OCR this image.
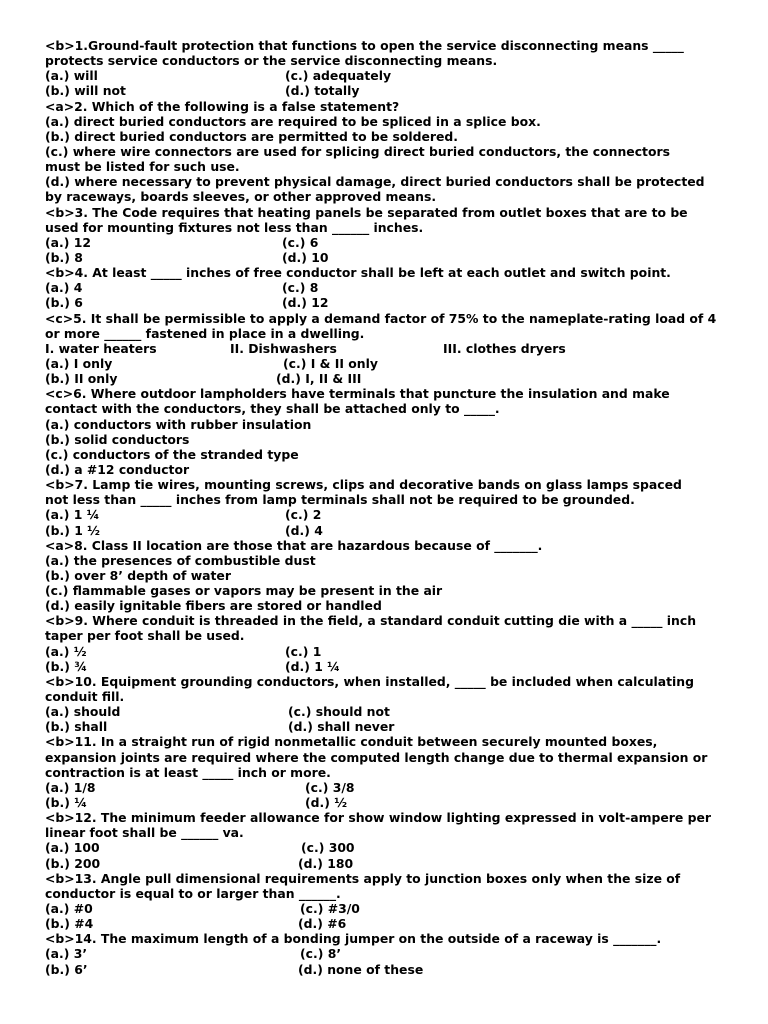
<b>1.Ground-fault protection that functions to open the service disconnecting means _____
protects service conductors or the service disconnecting means.
(a.) will	(c.) adequately
(b.) will not	(d.) totally
<a>2. Which of the following is a false statement?
(a.) direct buried conductors are required to be spliced in a splice box.
(b.) direct buried conductors are permitted to be soldered.
(c.) where wire connectors are used for splicing direct buried conductors, the connectors
must be listed for such use.
(d.) where necessary to prevent physical damage, direct buried conductors shall be protected
by raceways, boards sleeves, or other approved means.
<b>3. The Code requires that heating panels be separated from outlet boxes that are to be
used for mounting fixtures not less than ______ inches.
(a.) 12	(c.) 6
(b.) 8	(d.) 10
<b>4. At least _____ inches of free conductor shall be left at each outlet and switch point.
(a.) 4	(c.) 8
(b.) 6	(d.) 12
<c>5. It shall be permissible to apply a demand factor of 75% to the nameplate-rating load of 4
or more ______ fastened in place in a dwelling.
I. water heaters	II. Dishwashers	III. clothes dryers
(a.) I only	(c.) I & II only
(b.) II only	(d.) I, II & III
<c>6. Where outdoor lampholders have terminals that puncture the insulation and make
contact with the conductors, they shall be attached only to _____.
(a.) conductors with rubber insulation
(b.) solid conductors
(c.) conductors of the stranded type
(d.) a #12 conductor
<b>7. Lamp tie wires, mounting screws, clips and decorative bands on glass lamps spaced
not less than _____ inches from lamp terminals shall not be required to be grounded.
(a.) 1 ¼	(c.) 2
(b.) 1 ½	(d.) 4
<a>8. Class II location are those that are hazardous because of _______.
(a.) the presences of combustible dust
(b.) over 8’ depth of water
(c.) flammable gases or vapors may be present in the air
(d.) easily ignitable fibers are stored or handled
<b>9. Where conduit is threaded in the field, a standard conduit cutting die with a _____ inch
taper per foot shall be used.
(a.) ½	(c.) 1
(b.) ¾	(d.) 1 ¼
<b>10. Equipment grounding conductors, when installed, _____ be included when calculating
conduit fill.
(a.) should	(c.) should not
(b.) shall	(d.) shall never
<b>11. In a straight run of rigid nonmetallic conduit between securely mounted boxes,
expansion joints are required where the computed length change due to thermal expansion or
contraction is at least _____ inch or more.
(a.) 1/8	(c.) 3/8
(b.) ¼	(d.) ½
<b>12. The minimum feeder allowance for show window lighting expressed in volt-ampere per
linear foot shall be ______ va.
(a.) 100	(c.) 300
(b.) 200	(d.) 180
<b>13. Angle pull dimensional requirements apply to junction boxes only when the size of
conductor is equal to or larger than ______.
(a.) #0	(c.) #3/0
(b.) #4	(d.) #6
<b>14. The maximum length of a bonding jumper on the outside of a raceway is _______.
(a.) 3’	(c.) 8’
(b.) 6’	(d.) none of these
